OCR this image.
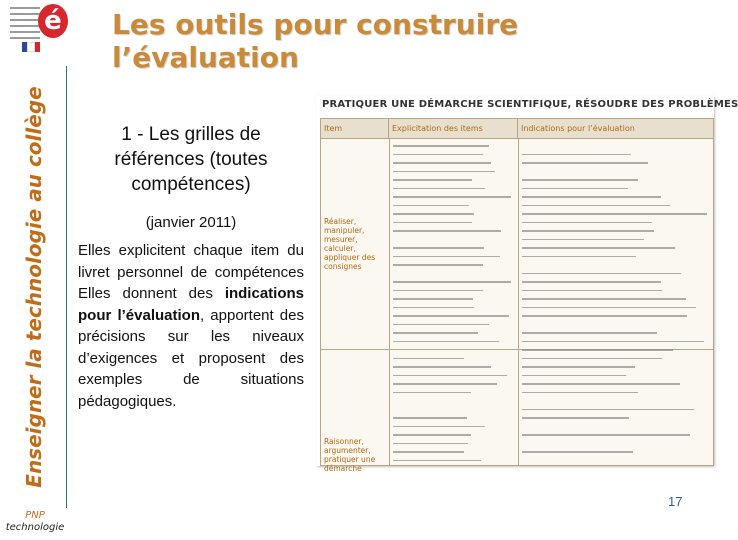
é
Enseigner la technologie au collège
PNP
technologie
Les outils pour construire l’évaluation
1 - Les grilles de références (toutes compétences)
(janvier 2011)
Elles explicitent chaque item du livret personnel de compétences Elles donnent des indications pour l’évaluation, apportent des précisions sur les niveaux d’exigences et proposent des exemples de situations pédagogiques.
PRATIQUER UNE DÉMARCHE SCIENTIFIQUE, RÉSOUDRE DES PROBLÈMES
Item	Explicitation des items	Indications pour l’évaluation
Réaliser, manipuler, mesurer, calculer, appliquer des consignes
Raisonner, argumenter, pratiquer une démarche
17
